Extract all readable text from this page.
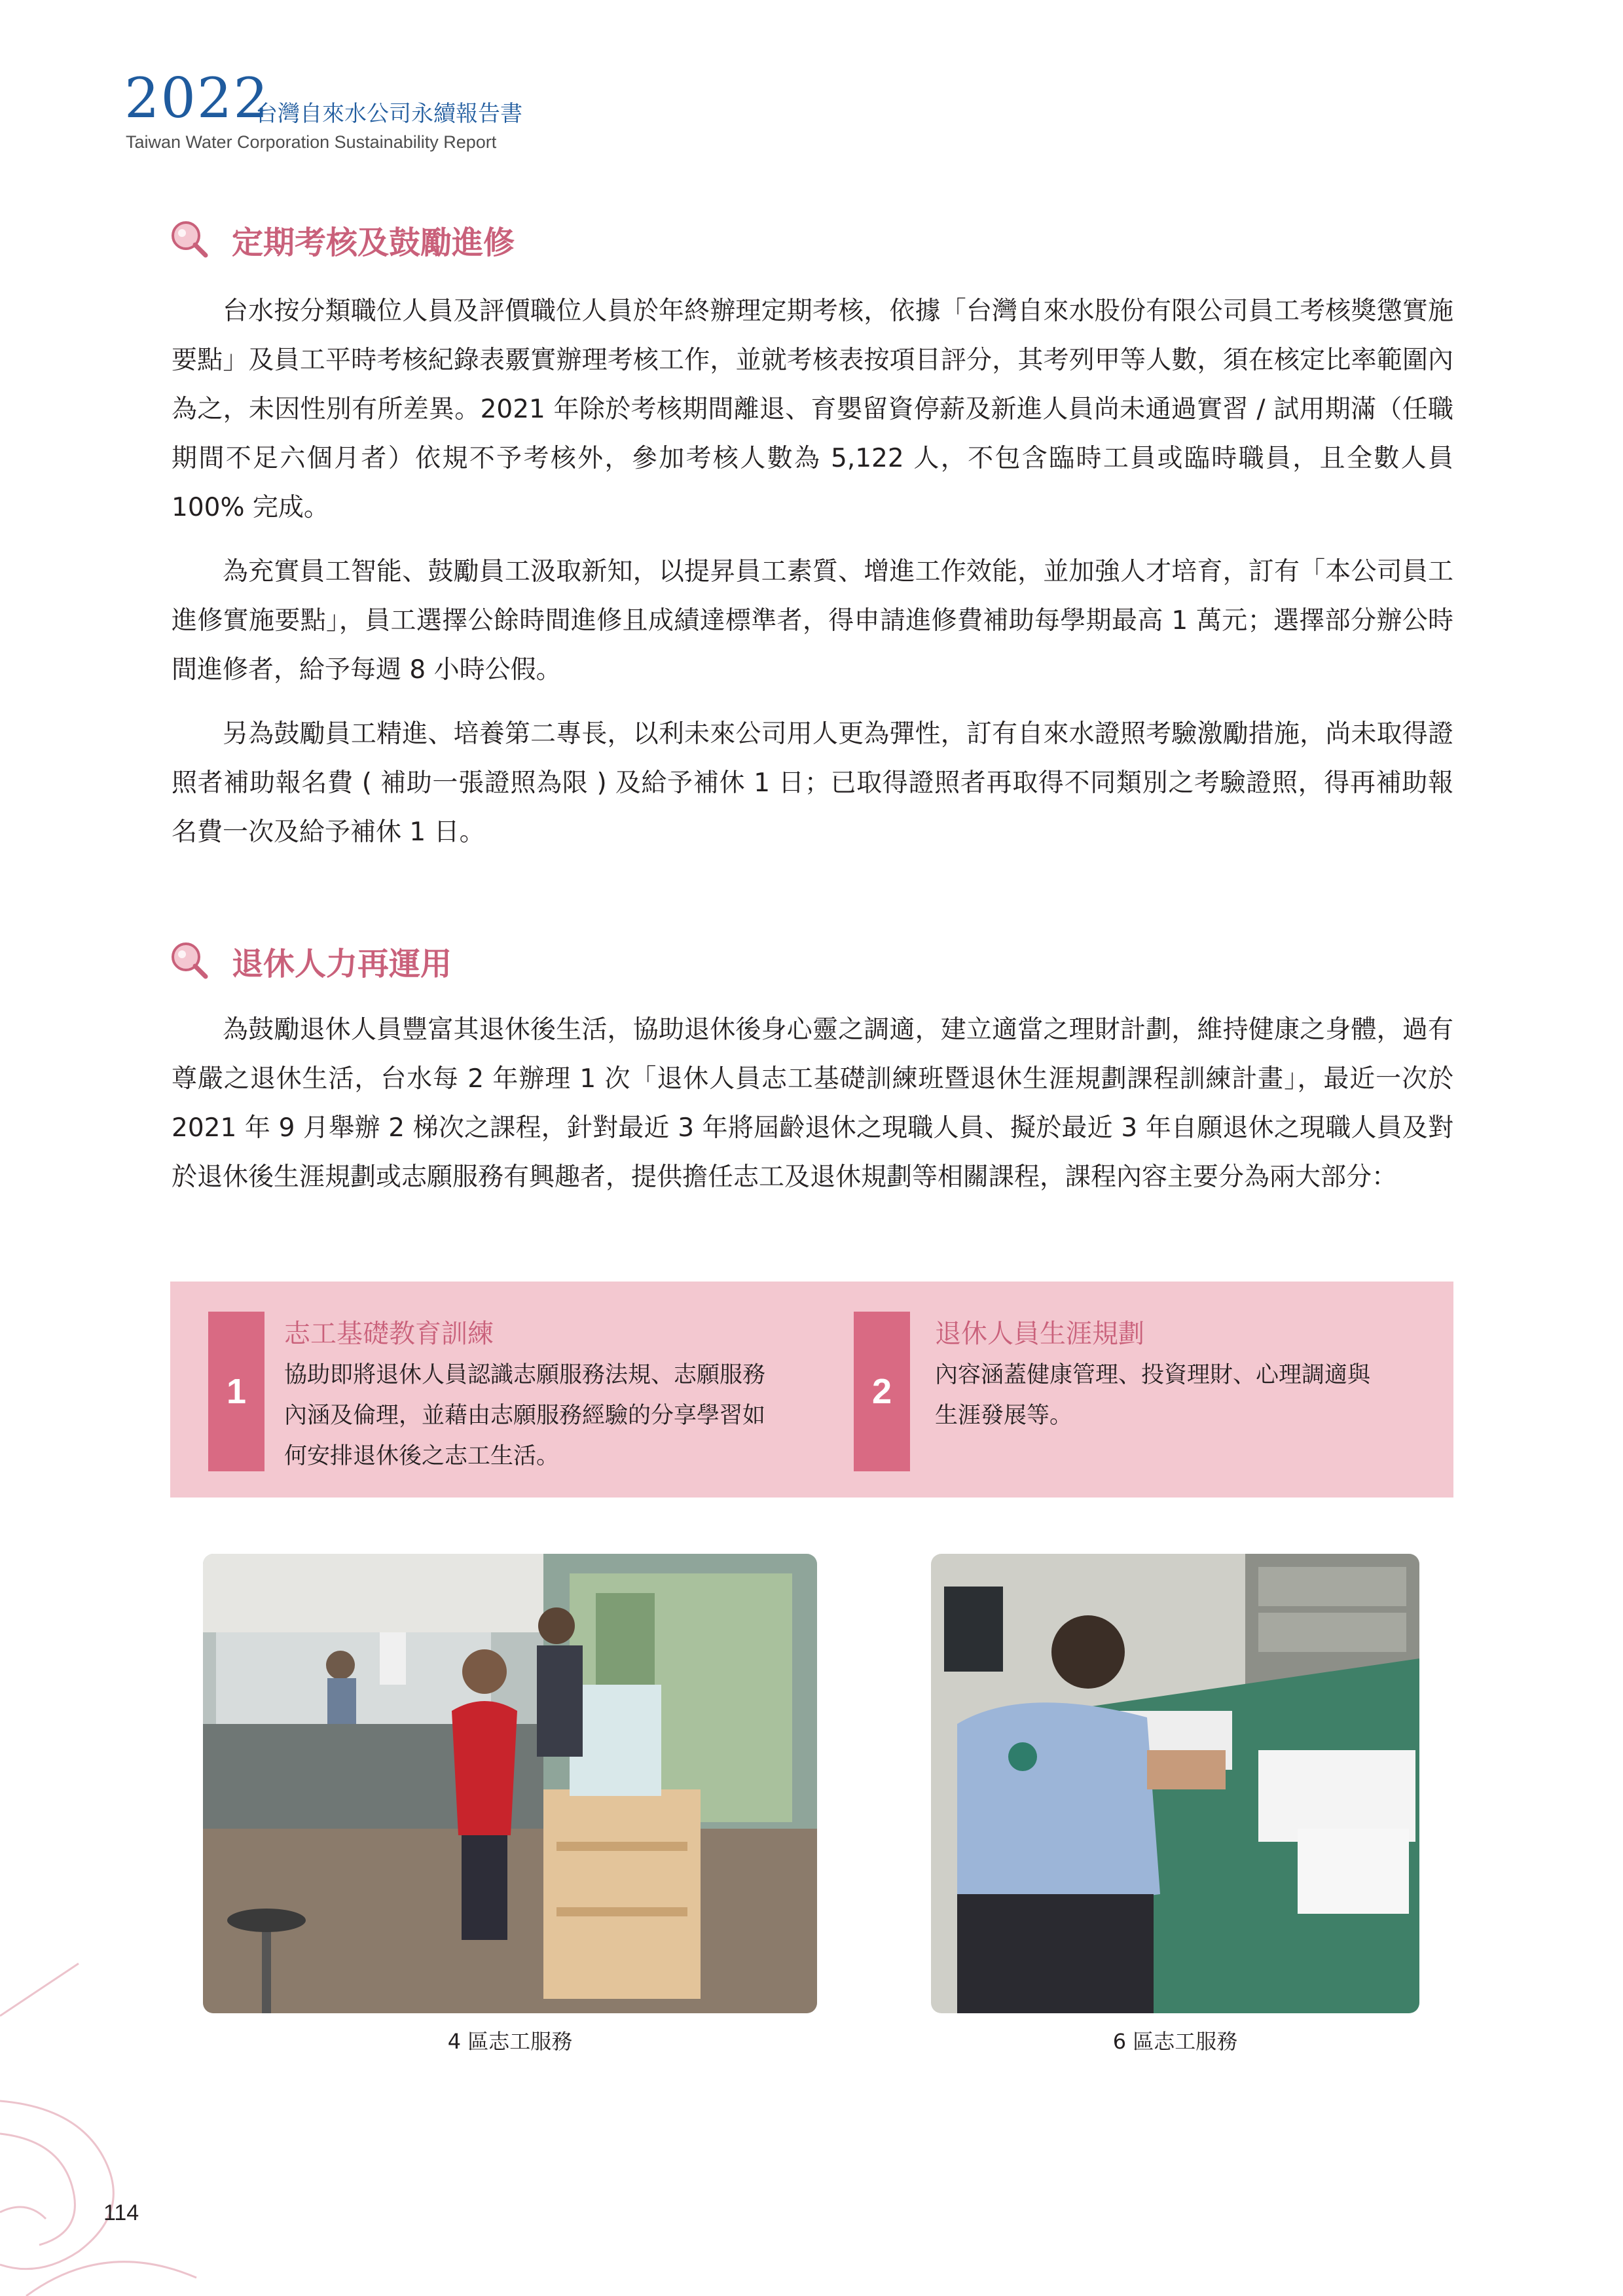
2022
台灣自來水公司永續報告書
Taiwan Water Corporation Sustainability Report
定期考核及鼓勵進修

台水按分類職位人員及評價職位人員於年終辦理定期考核，依據「台灣自來水股份有限公司員工考核獎懲實施要點」及員工平時考核紀錄表覈實辦理考核工作，並就考核表按項目評分，其考列甲等人數，須在核定比率範圍內為之，未因性別有所差異。2021 年除於考核期間離退、育嬰留資停薪及新進人員尚未通過實習 / 試用期滿（任職期間不足六個月者）依規不予考核外，參加考核人數為 5,122 人，不包含臨時工員或臨時職員，且全數人員 100% 完成。

為充實員工智能、鼓勵員工汲取新知，以提昇員工素質、增進工作效能，並加強人才培育，訂有「本公司員工進修實施要點」，員工選擇公餘時間進修且成績達標準者，得申請進修費補助每學期最高 1 萬元；選擇部分辦公時間進修者，給予每週 8 小時公假。

另為鼓勵員工精進、培養第二專長，以利未來公司用人更為彈性，訂有自來水證照考驗激勵措施，尚未取得證照者補助報名費 ( 補助一張證照為限 ) 及給予補休 1 日；已取得證照者再取得不同類別之考驗證照，得再補助報名費一次及給予補休 1 日。

退休人力再運用

為鼓勵退休人員豐富其退休後生活，協助退休後身心靈之調適，建立適當之理財計劃，維持健康之身體，過有尊嚴之退休生活，台水每 2 年辦理 1 次「退休人員志工基礎訓練班暨退休生涯規劃課程訓練計畫」，最近一次於 2021 年 9 月舉辦 2 梯次之課程，針對最近 3 年將屆齡退休之現職人員、擬於最近 3 年自願退休之現職人員及對於退休後生涯規劃或志願服務有興趣者，提供擔任志工及退休規劃等相關課程，課程內容主要分為兩大部分：

1
志工基礎教育訓練

協助即將退休人員認識志願服務法規、志願服務

內涵及倫理，並藉由志願服務經驗的分享學習如

何安排退休後之志工生活。

2
退休人員生涯規劃

內容涵蓋健康管理、投資理財、心理調適與

生涯發展等。

4 區志工服務	6 區志工服務
114
